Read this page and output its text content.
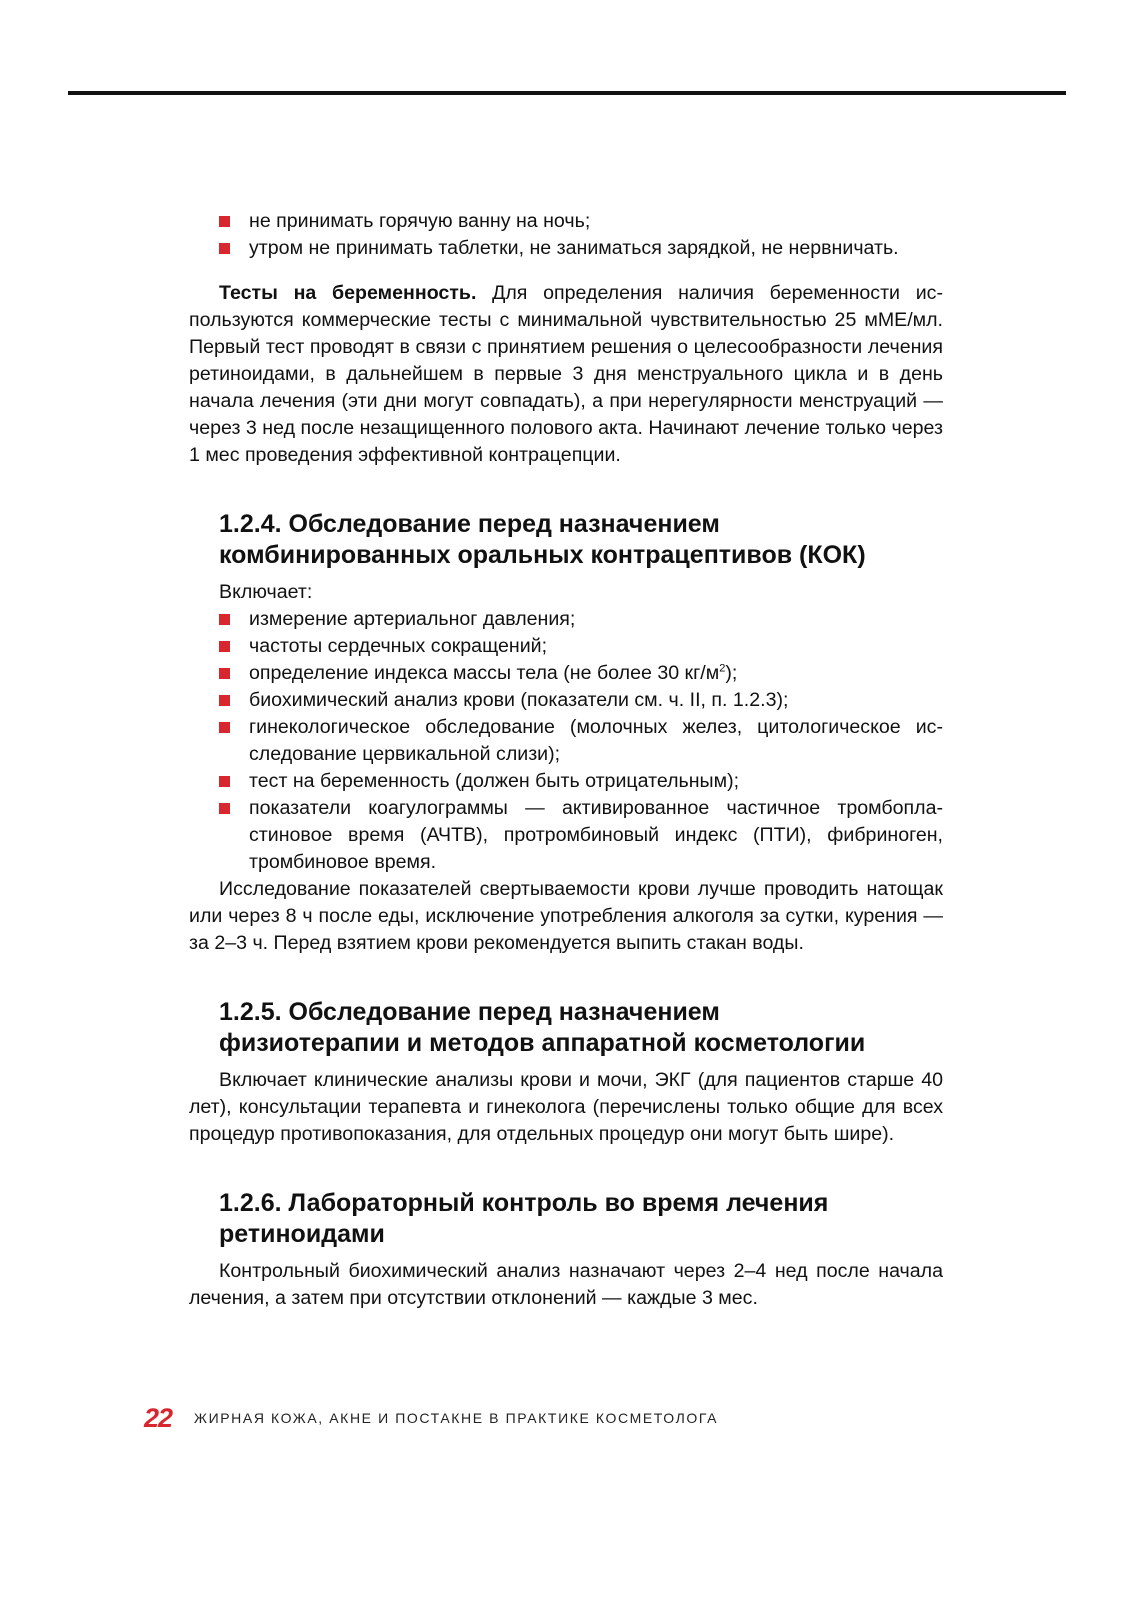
не принимать горячую ванну на ночь;
утром не принимать таблетки, не заниматься зарядкой, не нервничать.

Тесты на беременность. Для определения наличия беременности используются коммерческие тесты с минимальной чувствительностью 25 мМЕ/мл. Первый тест проводят в связи с принятием решения о целесообразности лечения ретиноидами, в дальнейшем в первые 3 дня менструального цикла и в день начала лечения (эти дни могут совпадать), а при нерегулярности менструаций — через 3 нед после незащищенного полового акта. Начинают лечение только через 1 мес проведения эффективной контрацепции.

1.2.4. Обследование перед назначением
комбинированных оральных контрацептивов (КОК)
Включает:
измерение артериальног давления;
частоты сердечных сокращений;
определение индекса массы тела (не более 30 $кг/м^2$);
биохимический анализ крови (показатели см. ч. II, п. 1.2.3);
гинекологическое обследование (молочных желез, цитологическое исследование цервикальной слизи);
тест на беременность (должен быть отрицательным);
показатели коагулограммы — активированное частичное тромбопластиновое время (АЧТВ), протромбиновый индекс (ПТИ), фибриноген, тромбиновое время.

Исследование показателей свертываемости крови лучше проводить натощак или через 8 ч после еды, исключение употребления алкоголя за сутки, курения — за 2–3 ч. Перед взятием крови рекомендуется выпить стакан воды.

1.2.5. Обследование перед назначением
физиотерапии и методов аппаратной косметологии

Включает клинические анализы крови и мочи, ЭКГ (для пациентов старше 40 лет), консультации терапевта и гинеколога (перечислены только общие для всех процедур противопоказания, для отдельных процедур они могут быть шире).

1.2.6. Лабораторный контроль во время лечения
ретиноидами

Контрольный биохимический анализ назначают через 2–4 нед после начала лечения, а затем при отсутствии отклонений — каждые 3 мес.

22 ЖИРНАЯ КОЖА, АКНЕ И ПОСТАКНЕ В ПРАКТИКЕ КОСМЕТОЛОГА
